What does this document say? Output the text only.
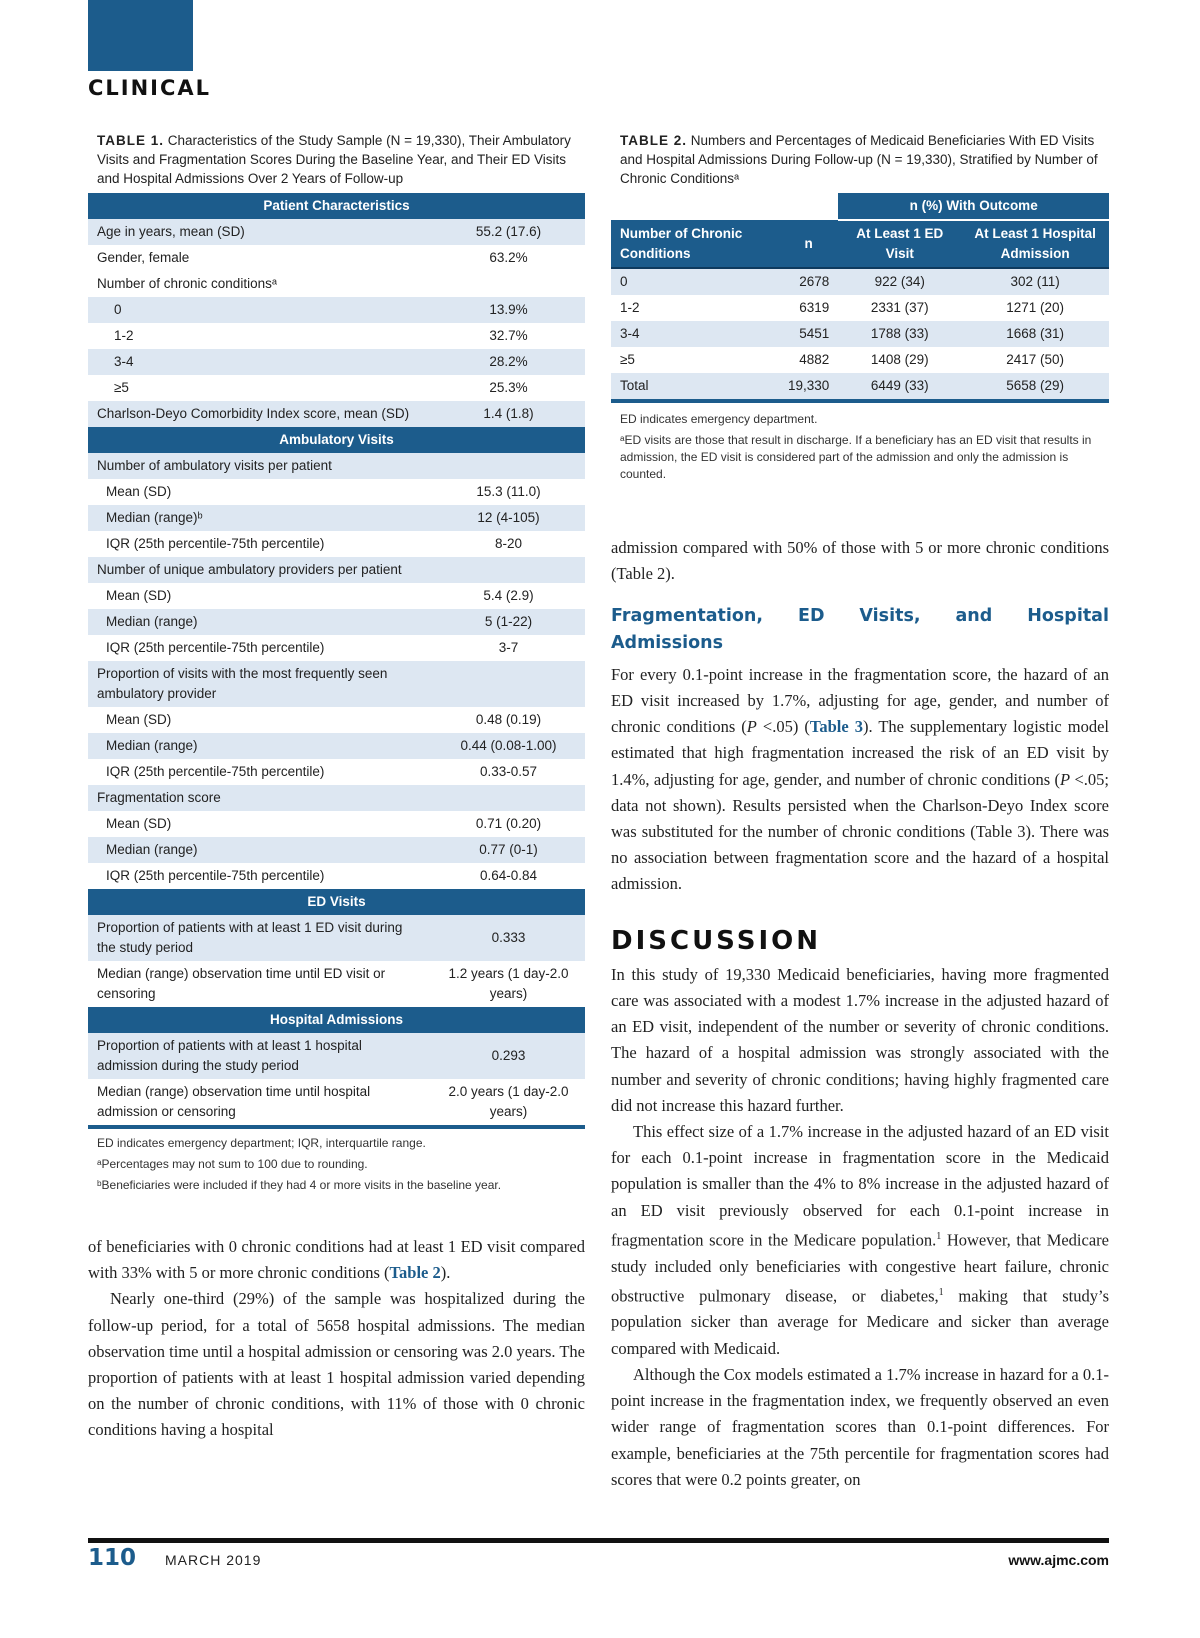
CLINICAL
TABLE 1. Characteristics of the Study Sample (N = 19,330), Their Ambulatory Visits and Fragmentation Scores During the Baseline Year, and Their ED Visits and Hospital Admissions Over 2 Years of Follow-up
Patient Characteristics	
Age in years, mean (SD)	55.2 (17.6)
Gender, female	63.2%
Number of chronic conditionsᵃ	
0	13.9%
1-2	32.7%
3-4	28.2%
≥5	25.3%
Charlson-Deyo Comorbidity Index score, mean (SD)	1.4 (1.8)
Ambulatory Visits	
Number of ambulatory visits per patient	
Mean (SD)	15.3 (11.0)
Median (range)ᵇ	12 (4-105)
IQR (25th percentile-75th percentile)	8-20
Number of unique ambulatory providers per patient	
Mean (SD)	5.4 (2.9)
Median (range)	5 (1-22)
IQR (25th percentile-75th percentile)	3-7
Proportion of visits with the most frequently seen ambulatory provider	
Mean (SD)	0.48 (0.19)
Median (range)	0.44 (0.08-1.00)
IQR (25th percentile-75th percentile)	0.33-0.57
Fragmentation score	
Mean (SD)	0.71 (0.20)
Median (range)	0.77 (0-1)
IQR (25th percentile-75th percentile)	0.64-0.84
ED Visits	
Proportion of patients with at least 1 ED visit during the study period	0.333
Median (range) observation time until ED visit or censoring	1.2 years (1 day-2.0 years)
Hospital Admissions	
Proportion of patients with at least 1 hospital admission during the study period	0.293
Median (range) observation time until hospital admission or censoring	2.0 years (1 day-2.0 years)
ED indicates emergency department; IQR, interquartile range.
ᵃPercentages may not sum to 100 due to rounding.
ᵇBeneficiaries were included if they had 4 or more visits in the baseline year.

of beneficiaries with 0 chronic conditions had at least 1 ED visit compared with 33% with 5 or more chronic conditions (Table 2).

Nearly one-third (29%) of the sample was hospitalized during the follow-up period, for a total of 5658 hospital admissions. The median observation time until a hospital admission or censoring was 2.0 years. The proportion of patients with at least 1 hospital admission varied depending on the number of chronic conditions, with 11% of those with 0 chronic conditions having a hospital

TABLE 2. Numbers and Percentages of Medicaid Beneficiaries With ED Visits and Hospital Admissions During Follow-up (N = 19,330), Stratified by Number of Chronic Conditionsᵃ
		n (%) With Outcome	
Number of Chronic Conditions	n	At Least 1 ED Visit	At Least 1 Hospital Admission
0	2678	922 (34)	302 (11)
1-2	6319	2331 (37)	1271 (20)
3-4	5451	1788 (33)	1668 (31)
≥5	4882	1408 (29)	2417 (50)
Total	19,330	6449 (33)	5658 (29)
ED indicates emergency department.
ᵃED visits are those that result in discharge. If a beneficiary has an ED visit that results in admission, the ED visit is considered part of the admission and only the admission is counted.

admission compared with 50% of those with 5 or more chronic conditions (Table 2).

Fragmentation, ED Visits, and Hospital Admissions

For every 0.1-point increase in the fragmentation score, the hazard of an ED visit increased by 1.7%, adjusting for age, gender, and number of chronic conditions (P <.05) (Table 3). The supplementary logistic model estimated that high fragmentation increased the risk of an ED visit by 1.4%, adjusting for age, gender, and number of chronic conditions (P <.05; data not shown). Results persisted when the Charlson-Deyo Index score was substituted for the number of chronic conditions (Table 3). There was no association between fragmentation score and the hazard of a hospital admission.

DISCUSSION

In this study of 19,330 Medicaid beneficiaries, having more fragmented care was associated with a modest 1.7% increase in the adjusted hazard of an ED visit, independent of the number or severity of chronic conditions. The hazard of a hospital admission was strongly associated with the number and severity of chronic conditions; having highly fragmented care did not increase this hazard further.

This effect size of a 1.7% increase in the adjusted hazard of an ED visit for each 0.1-point increase in fragmentation score in the Medicaid population is smaller than the 4% to 8% increase in the adjusted hazard of an ED visit previously observed for each 0.1-point increase in fragmentation score in the Medicare population.$^1$ However, that Medicare study included only beneficiaries with congestive heart failure, chronic obstructive pulmonary disease, or diabetes,$^1$ making that study’s population sicker than average for Medicare and sicker than average compared with Medicaid.

Although the Cox models estimated a 1.7% increase in hazard for a 0.1-point increase in the fragmentation index, we frequently observed an even wider range of fragmentation scores than 0.1-point differences. For example, beneficiaries at the 75th percentile for fragmentation scores had scores that were 0.2 points greater, on

110 MARCH 2019	www.ajmc.com
